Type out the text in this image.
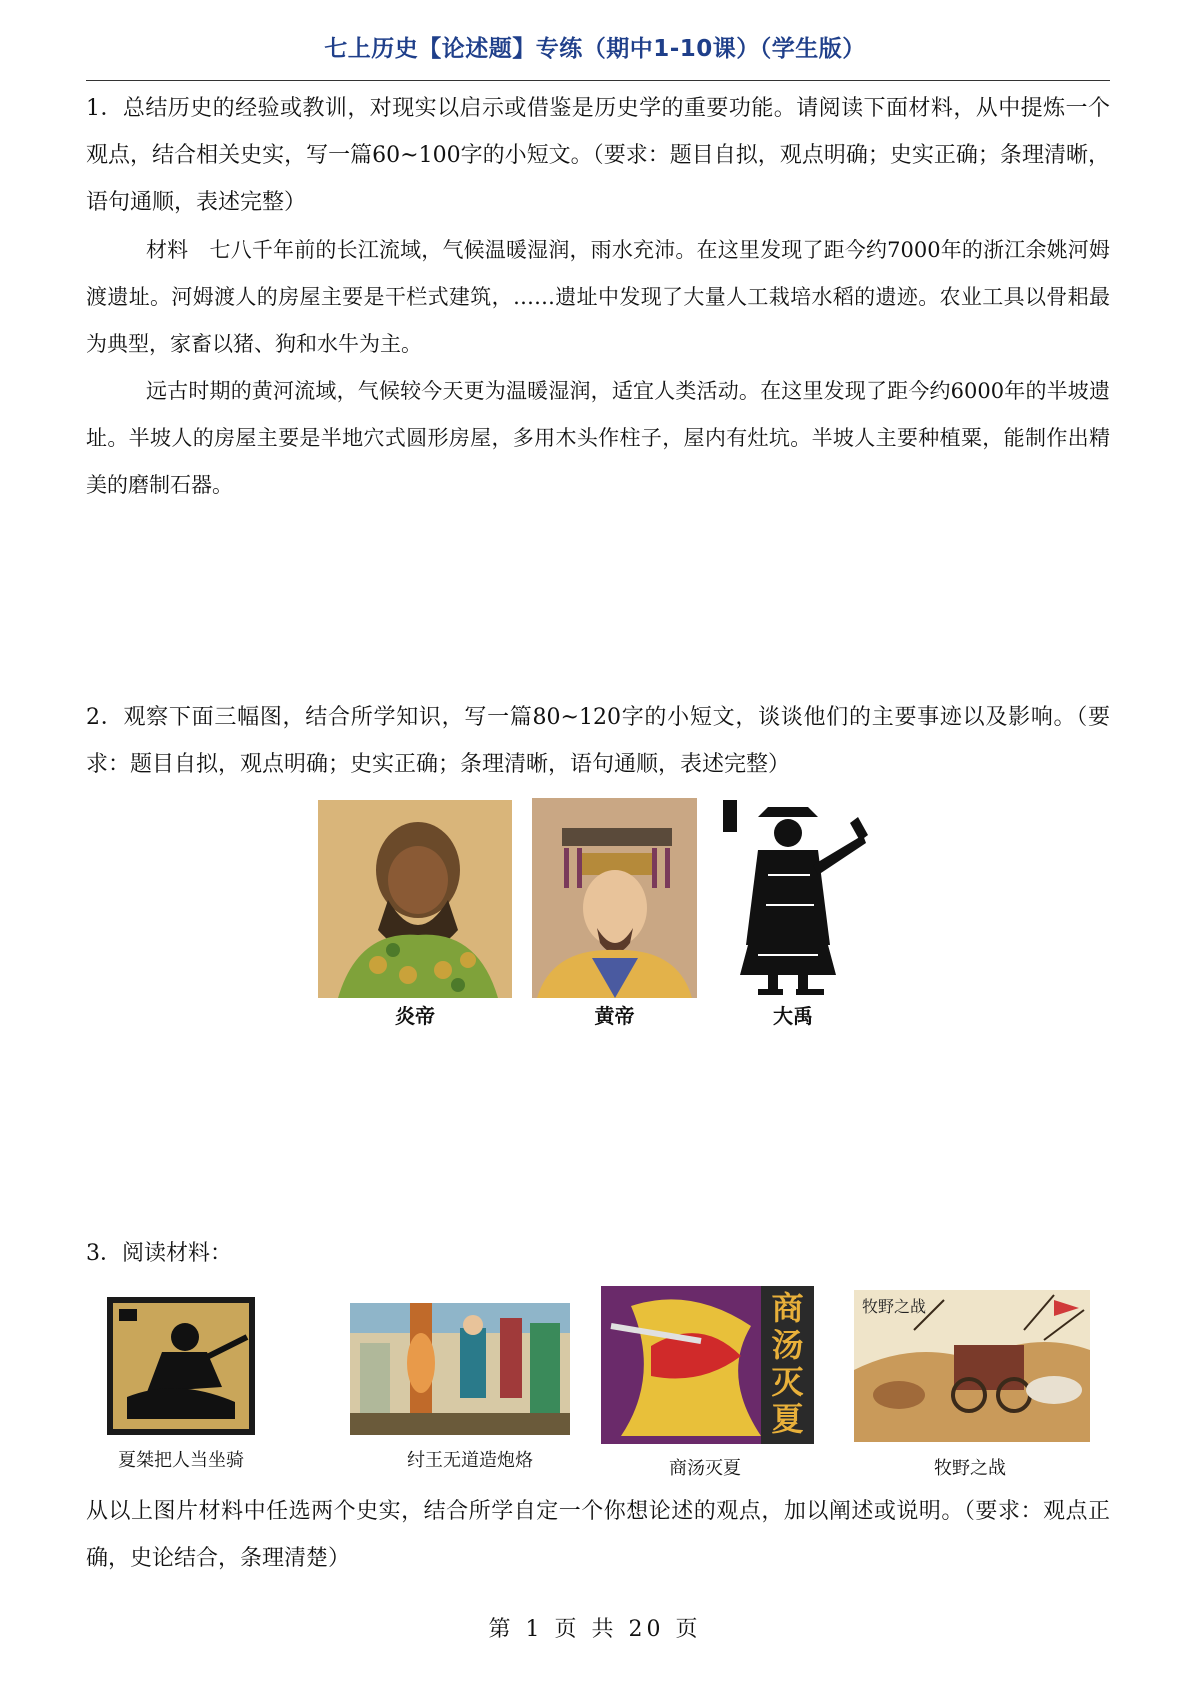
七上历史【论述题】专练（期中1-10课）（学生版）

1．总结历史的经验或教训，对现实以启示或借鉴是历史学的重要功能。请阅读下面材料，从中提炼一个观点，结合相关史实，写一篇60~100字的小短文。（要求：题目自拟，观点明确；史实正确；条理清晰，语句通顺，表述完整）

材料　七八千年前的长江流域，气候温暖湿润，雨水充沛。在这里发现了距今约7000年的浙江余姚河姆渡遗址。河姆渡人的房屋主要是干栏式建筑，……遗址中发现了大量人工栽培水稻的遗迹。农业工具以骨耜最为典型，家畜以猪、狗和水牛为主。

远古时期的黄河流域，气候较今天更为温暖湿润，适宜人类活动。在这里发现了距今约6000年的半坡遗址。半坡人的房屋主要是半地穴式圆形房屋，多用木头作柱子，屋内有灶坑。半坡人主要种植粟，能制作出精美的磨制石器。

2．观察下面三幅图，结合所学知识，写一篇80~120字的小短文，谈谈他们的主要事迹以及影响。（要求：题目自拟，观点明确；史实正确；条理清晰，语句通顺，表述完整）

炎帝	黄帝	大禹

3．阅读材料：

商汤灭夏
牧野之战
夏桀把人当坐骑	纣王无道造炮烙	商汤灭夏	牧野之战

从以上图片材料中任选两个史实，结合所学自定一个你想论述的观点，加以阐述或说明。（要求：观点正确，史论结合，条理清楚）

第 1 页 共 20 页
